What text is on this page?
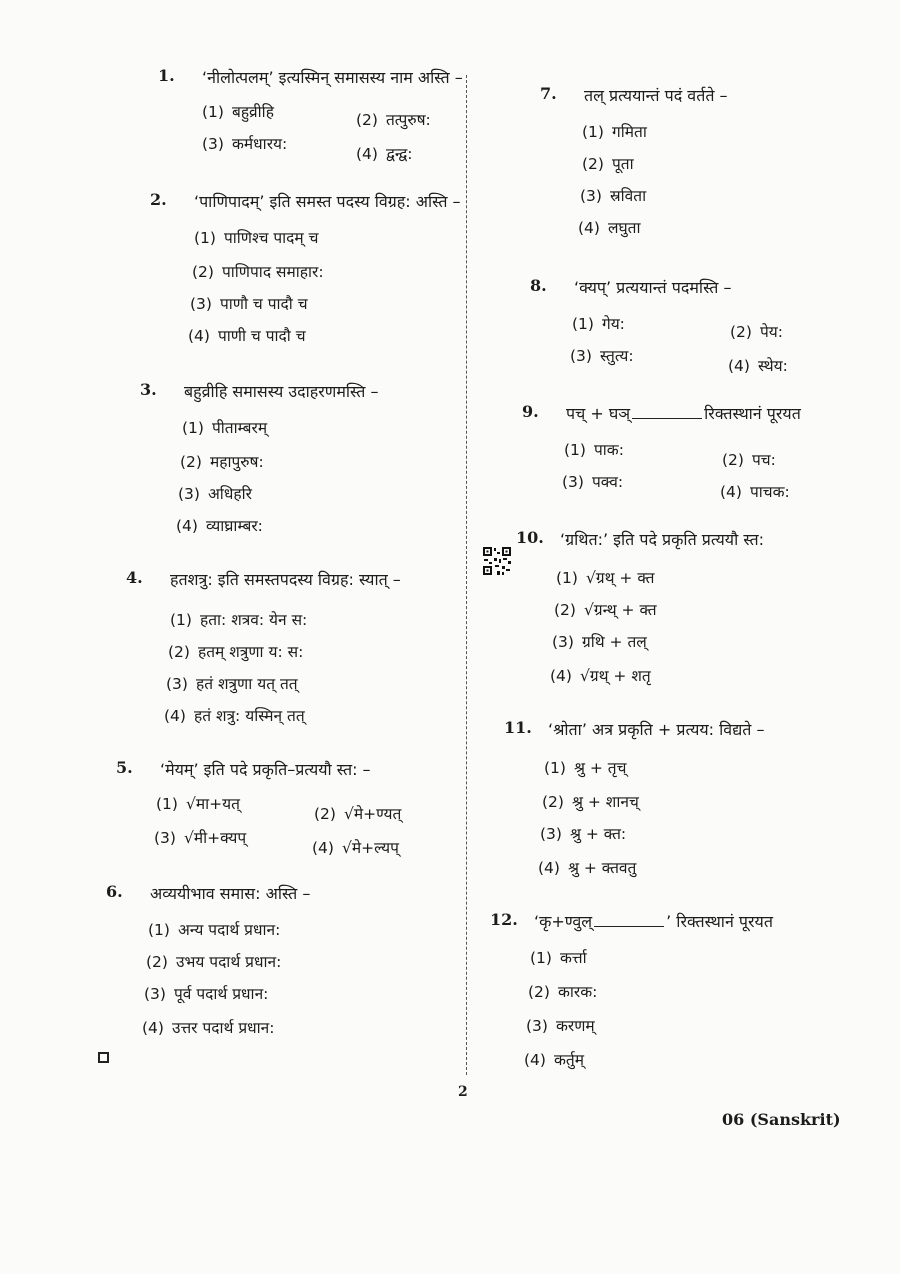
1. ‘नीलोत्पलम्’ इत्यस्मिन् समासस्य नाम अस्ति –
(1) बहुव्रीहि	(2) तत्पुरुष:
(3) कर्मधारय:
(4) द्वन्द्व:
2. ‘पाणिपादम्’ इति समस्त पदस्य विग्रह: अस्ति –
(1) पाणिश्च पादम् च
(2) पाणिपाद समाहार:
(3) पाणौ च पादौ च
(4) पाणी च पादौ च
3. बहुव्रीहि समासस्य उदाहरणमस्ति –
(1) पीताम्बरम्
(2) महापुरुष:
(3) अधिहरि
(4) व्याघ्राम्बर:
4. हतशत्रु: इति समस्तपदस्य विग्रह: स्यात् –
(1) हता: शत्रव: येन स:
(2) हतम् शत्रुणा य: स:
(3) हतं शत्रुणा यत् तत्
(4) हतं शत्रु: यस्मिन् तत्
5. ‘मेयम्’ इति पदे प्रकृति–प्रत्ययौ स्त: –
(1) √मा+यत्
(2) √मे+ण्यत्
(3) √मी+क्यप्
(4) √मे+ल्यप्
6. अव्ययीभाव समास: अस्ति –
(1) अन्य पदार्थ प्रधान:
(2) उभय पदार्थ प्रधान:
(3) पूर्व पदार्थ प्रधान:
(4) उत्तर पदार्थ प्रधान:
7. तल् प्रत्ययान्तं पदं वर्तते –
(1) गमिता
(2) पूता
(3) स्रविता
(4) लघुता
8. ‘क्यप्’ प्रत्ययान्तं पदमस्ति –
(1) गेय:	(2) पेय:
(3) स्तुत्य:
(4) स्थेय:
9. पच् + घञ्	रिक्तस्थानं पूरयत
(1) पाक:
(2) पच:
(3) पक्व:
(4) पाचक:
10. ‘ग्रथित:’ इति पदे प्रकृति प्रत्ययौ स्त:
(1) √ग्रथ् + क्त
(2) √ग्रन्थ् + क्त
(3) ग्रथि + तल्
(4) √ग्रथ् + शतृ
11. ‘श्रोता’ अत्र प्रकृति + प्रत्यय: विद्यते –
(1) श्रु + तृच्
(2) श्रु + शानच्
(3) श्रु + क्त:
(4) श्रु + क्तवतु
12. ‘कृ+ण्वुल्	’ रिक्तस्थानं पूरयत
(1) कर्त्ता
(2) कारक:
(3) करणम्
(4) कर्तुम्
2
06 (Sanskrit)
